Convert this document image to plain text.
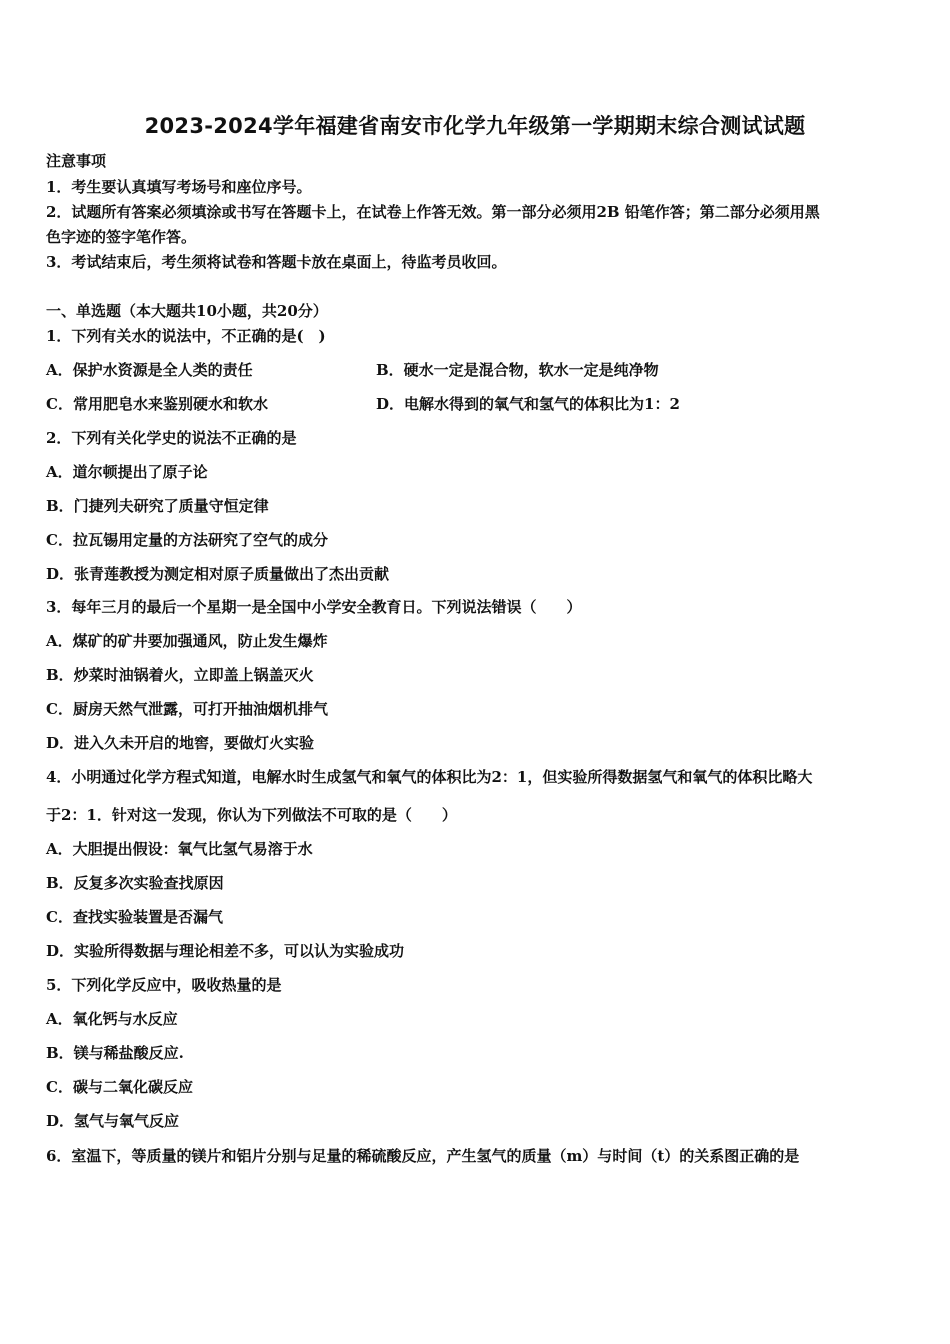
2023-2024学年福建省南安市化学九年级第一学期期末综合测试试题
注意事项
1．考生要认真填写考场号和座位序号。
2．试题所有答案必须填涂或书写在答题卡上，在试卷上作答无效。第一部分必须用2B 铅笔作答；第二部分必须用黑
色字迹的签字笔作答。
3．考试结束后，考生须将试卷和答题卡放在桌面上，待监考员收回。
一、单选题（本大题共10小题，共20分）
1．下列有关水的说法中，不正确的是(　)
A．保护水资源是全人类的责任	B．硬水一定是混合物，软水一定是纯净物
C．常用肥皂水来鉴别硬水和软水	D．电解水得到的氧气和氢气的体积比为1：2
2．下列有关化学史的说法不正确的是
A．道尔顿提出了原子论
B．门捷列夫研究了质量守恒定律
C．拉瓦锡用定量的方法研究了空气的成分
D．张青莲教授为测定相对原子质量做出了杰出贡献
3．每年三月的最后一个星期一是全国中小学安全教育日。下列说法错误（　　）
A．煤矿的矿井要加强通风，防止发生爆炸
B．炒菜时油锅着火，立即盖上锅盖灭火
C．厨房天然气泄露，可打开抽油烟机排气
D．进入久未开启的地窖，要做灯火实验
4．小明通过化学方程式知道，电解水时生成氢气和氧气的体积比为2：1，但实验所得数据氢气和氧气的体积比略大
于2：1．针对这一发现，你认为下列做法不可取的是（　　）
A．大胆提出假设：氧气比氢气易溶于水
B．反复多次实验查找原因
C．查找实验装置是否漏气
D．实验所得数据与理论相差不多，可以认为实验成功
5．下列化学反应中，吸收热量的是
A．氧化钙与水反应
B．镁与稀盐酸反应.
C．碳与二氧化碳反应
D．氢气与氧气反应
6．室温下，等质量的镁片和铝片分别与足量的稀硫酸反应，产生氢气的质量（m）与时间（t）的关系图正确的是
